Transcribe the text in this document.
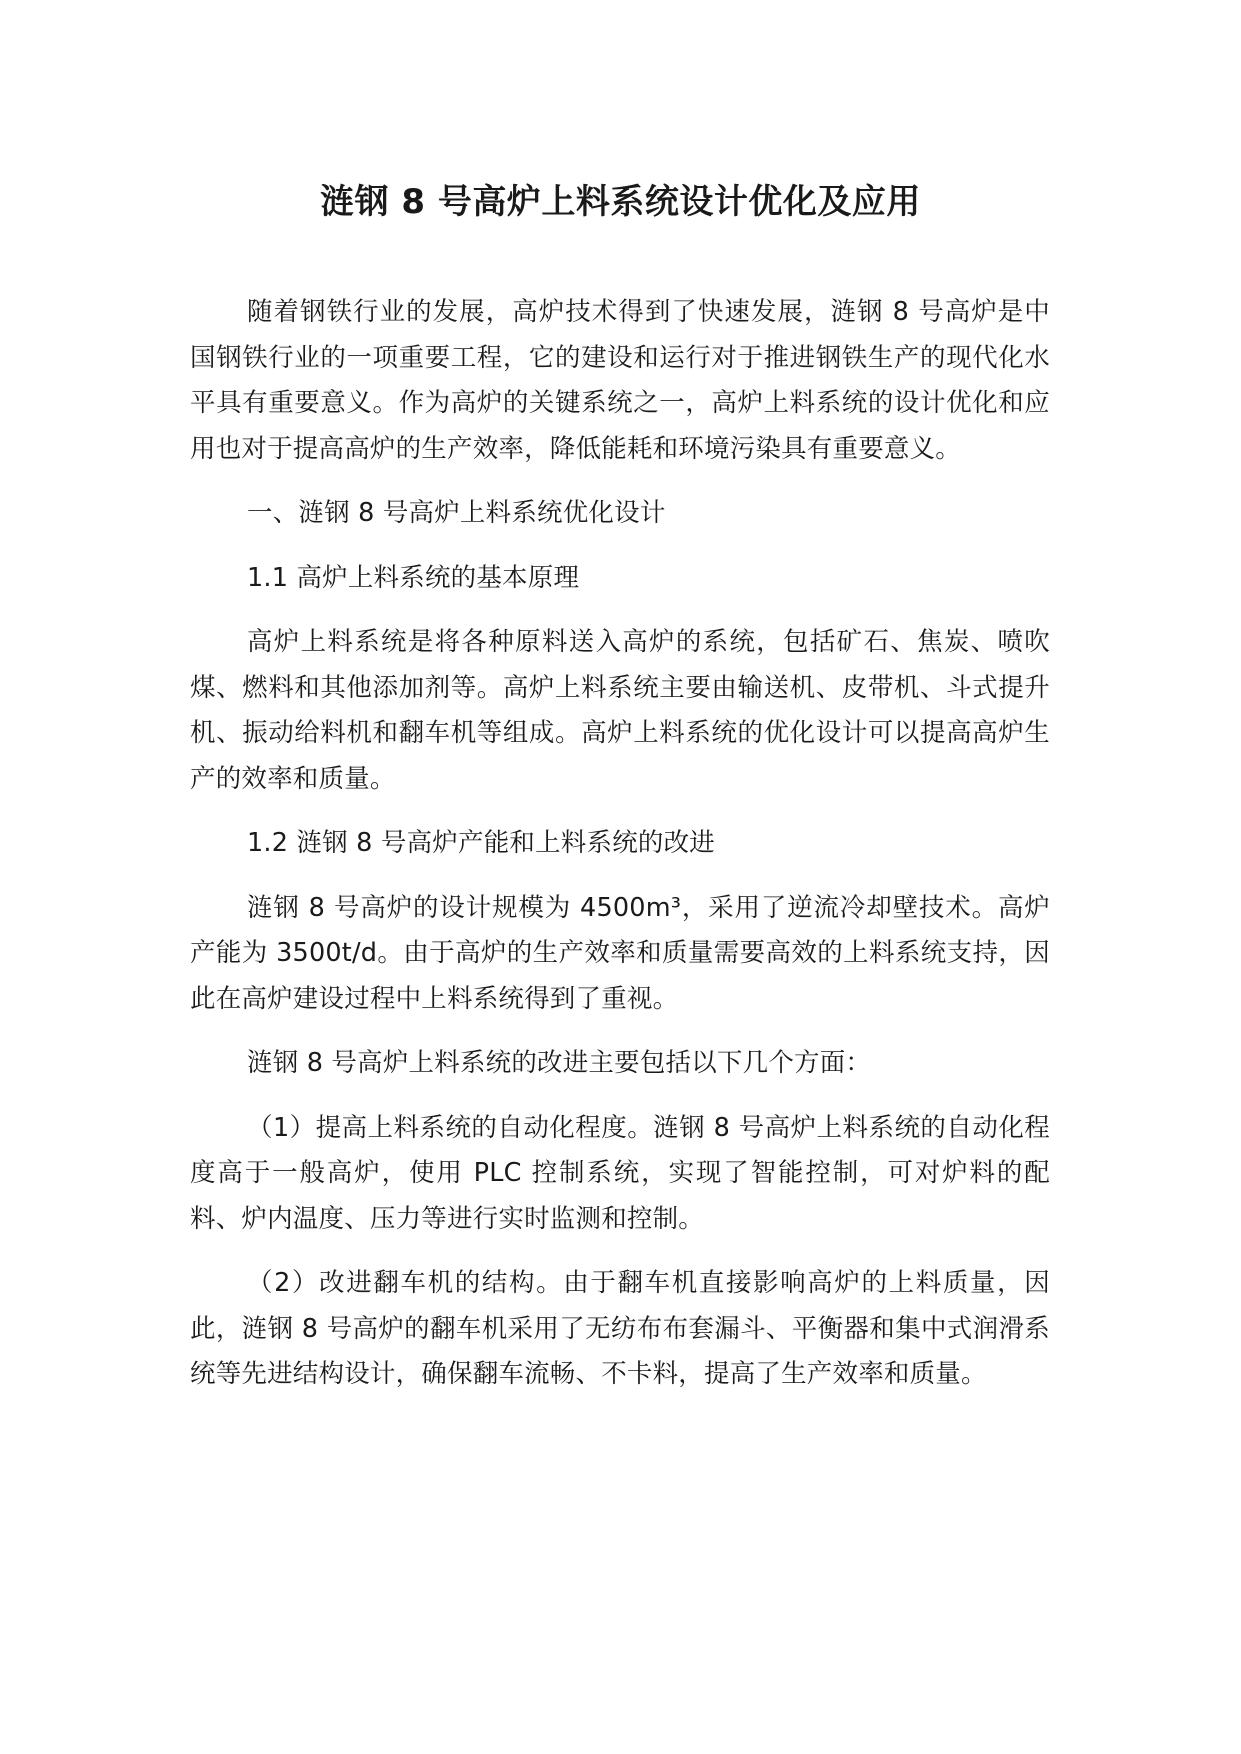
涟钢 8 号高炉上料系统设计优化及应用

随着钢铁行业的发展，高炉技术得到了快速发展，涟钢 8 号高炉是中国钢铁行业的一项重要工程，它的建设和运行对于推进钢铁生产的现代化水平具有重要意义。作为高炉的关键系统之一，高炉上料系统的设计优化和应用也对于提高高炉的生产效率，降低能耗和环境污染具有重要意义。

一、涟钢 8 号高炉上料系统优化设计

1.1 高炉上料系统的基本原理

高炉上料系统是将各种原料送入高炉的系统，包括矿石、焦炭、喷吹煤、燃料和其他添加剂等。高炉上料系统主要由输送机、皮带机、斗式提升机、振动给料机和翻车机等组成。高炉上料系统的优化设计可以提高高炉生产的效率和质量。

1.2 涟钢 8 号高炉产能和上料系统的改进

涟钢 8 号高炉的设计规模为 4500m³，采用了逆流冷却壁技术。高炉产能为 3500t/d。由于高炉的生产效率和质量需要高效的上料系统支持，因此在高炉建设过程中上料系统得到了重视。

涟钢 8 号高炉上料系统的改进主要包括以下几个方面：

（1）提高上料系统的自动化程度。涟钢 8 号高炉上料系统的自动化程度高于一般高炉，使用 PLC 控制系统，实现了智能控制，可对炉料的配料、炉内温度、压力等进行实时监测和控制。

（2）改进翻车机的结构。由于翻车机直接影响高炉的上料质量，因此，涟钢 8 号高炉的翻车机采用了无纺布布套漏斗、平衡器和集中式润滑系统等先进结构设计，确保翻车流畅、不卡料，提高了生产效率和质量。
